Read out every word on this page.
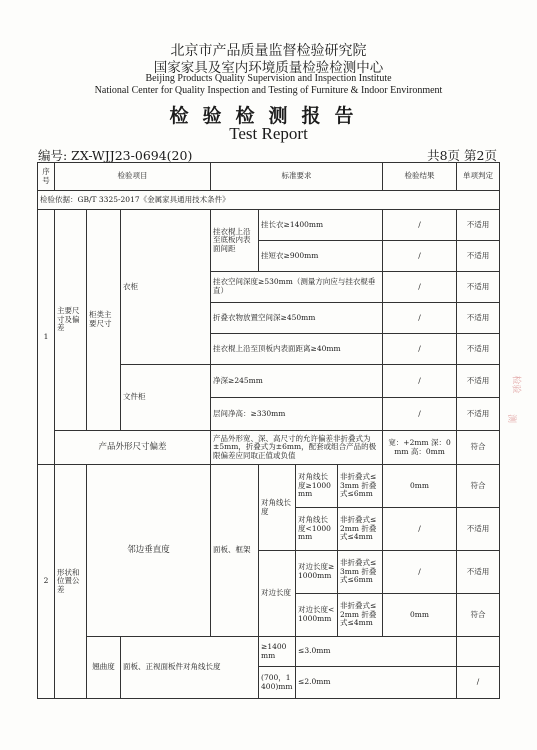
北京市产品质量监督检验研究院
国家家具及室内环境质量检验检测中心
Beijing Products Quality Supervision and Inspection Institute
National Center for Quality Inspection and Testing of Furniture & Indoor Environment
检验检测报告
Test Report
编号: ZX-WJJ23-0694(20)	共8页 第2页
序号	检验项目			标准要求				检验结果	单项判定	
检验依据：GB/T 3325-2017《金属家具通用技术条件》										
1	主要尺寸及偏差	柜类主要尺寸	衣柜	挂衣棍上沿至底板内表面间距	挂长衣≥1400mm			/	不适用	
					挂短衣≥900mm			/	不适用	
				挂衣空间深度≥530mm（测量方向应与挂衣棍垂直）				/	不适用	
				折叠衣物放置空间深≥450mm				/	不适用	
				挂衣棍上沿至顶板内表面距离≥40mm				/	不适用	
			文件柜	净深≥245mm				/	不适用	
				层间净高：≥330mm				/	不适用	
	产品外形尺寸偏差			产品外形宽、深、高尺寸的允许偏差非折叠式为±5mm，折叠式为±6mm，配套或组合产品的极限偏差应同取正值或负值				宽：+2mm 深：0mm 高：0mm	符合	
2	形状和位置公差	邻边垂直度		面板、框架	对角线长度	对角线长度≥1000mm	非折叠式≤3mm 折叠式≤6mm	0mm	符合	
						对角线长度<1000mm	非折叠式≤2mm 折叠式≤4mm	/	不适用	
					对边长度	对边长度≥1000mm	非折叠式≤3mm 折叠式≤6mm	/	不适用	
						对边长度<1000mm	非折叠式≤2mm 折叠式≤4mm	0mm	符合	
		翘曲度	面板、正视面板件对角线长度		≥1400mm	≤3.0mm		
					(700，1400)mm	≤2.0mm			/	
检验
测
